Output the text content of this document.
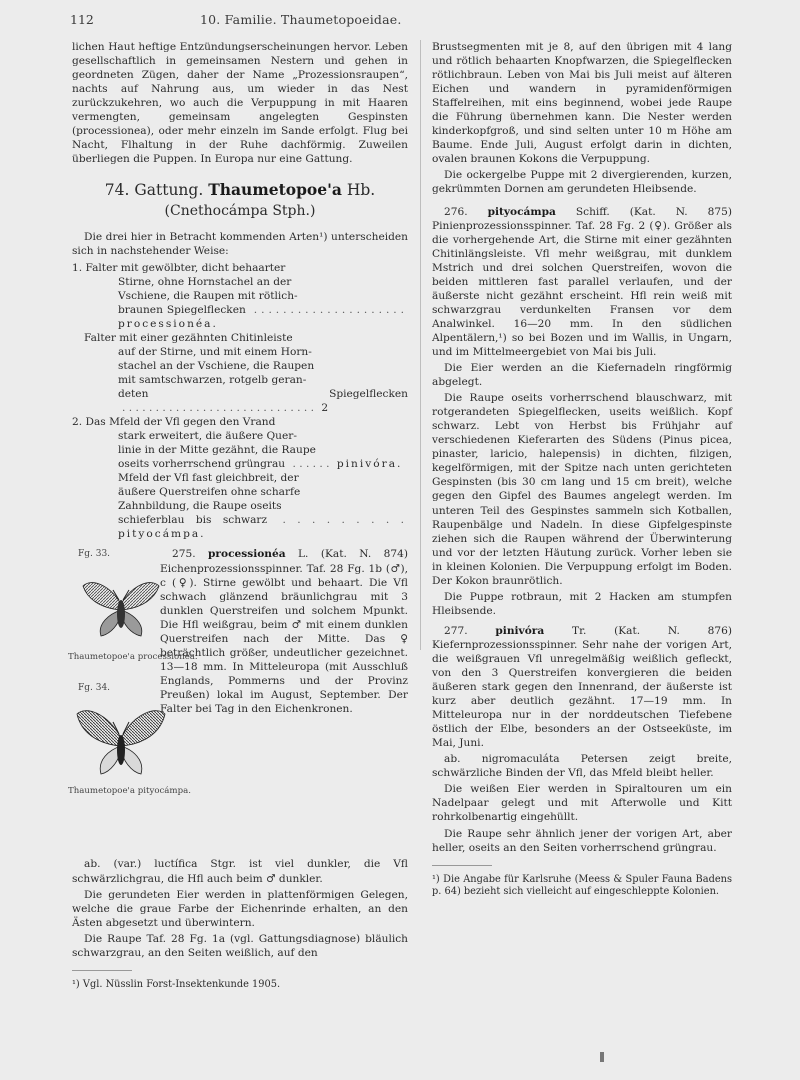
112	10. Familie. Thaumetopoeidae.

lichen Haut heftige Entzündungserscheinungen hervor. Leben gesellschaftlich in gemeinsamen Nestern und gehen in geordneten Zügen, daher der Name „Prozessionsraupen“, nachts auf Nahrung aus, um wieder in das Nest zurückzukehren, wo auch die Verpuppung in mit Haaren vermengten, gemeinsam angelegten Gespinsten (processionea), oder mehr einzeln im Sande erfolgt. Flug bei Nacht, Flhaltung in der Ruhe dachförmig. Zuweilen überliegen die Puppen. In Europa nur eine Gattung.

74. Gattung. Thaumetopoe'a Hb.
(Cnethocámpa Stph.)

Die drei hier in Betracht kommenden Arten¹) unterscheiden sich in nachstehender Weise:

1. Falter mit gewölbter, dicht behaarter
Stirne, ohne Hornstachel an der
Vschiene, die Raupen mit rötlich-
braunen Spiegelflecken . . . . . . . . . . . . . . . . . . . . . processionéa.
Falter mit einer gezähnten Chitinleiste
auf der Stirne, und mit einem Horn-
stachel an der Vschiene, die Raupen
mit samtschwarzen, rotgelb geran-
deten Spiegelflecken . . . . . . . . . . . . . . . . . . . . . . . . . . . . . 2
2. Das Mfeld der Vfl gegen den Vrand
stark erweitert, die äußere Quer-
linie in der Mitte gezähnt, die Raupe
oseits vorherrschend grüngrau . . . . . . pinivóra.
Mfeld der Vfl fast gleichbreit, der
äußere Querstreifen ohne scharfe
Zahnbildung, die Raupe oseits
schieferblau bis schwarz . . . . . . . . . pityocámpa.
Fg. 33.
Thaumetopoe'a processionéa.
Fg. 34.
Thaumetopoe'a pityocámpa.

275. processionéa L. (Kat. N. 874) Eichenprozessionsspinner. Taf. 28 Fg. 1b (♂), c (♀). Stirne gewölbt und behaart. Die Vfl schwach glänzend bräunlichgrau mit 3 dunklen Querstreifen und solchem Mpunkt. Die Hfl weißgrau, beim ♂ mit einem dunklen Querstreifen nach der Mitte. Das ♀ beträchtlich größer, undeutlicher gezeichnet. 13—18 mm. In Mitteleuropa (mit Ausschluß Englands, Pommerns und der Provinz Preußen) lokal im August, September. Der Falter bei Tag in den Eichenkronen.

ab. (var.) luctífica Stgr. ist viel dunkler, die Vfl schwärzlichgrau, die Hfl auch beim ♂ dunkler.

Die gerundeten Eier werden in plattenförmigen Gelegen, welche die graue Farbe der Eichenrinde erhalten, an den Ästen abgesetzt und überwintern.

Die Raupe Taf. 28 Fg. 1a (vgl. Gattungsdiagnose) bläulich schwarzgrau, an den Seiten weißlich, auf den

¹) Vgl. Nüsslin Forst-Insektenkunde 1905.

Brustsegmenten mit je 8, auf den übrigen mit 4 lang und rötlich behaarten Knopfwarzen, die Spiegelflecken rötlichbraun. Leben von Mai bis Juli meist auf älteren Eichen und wandern in pyramidenförmigen Staffelreihen, mit eins beginnend, wobei jede Raupe die Führung übernehmen kann. Die Nester werden kinderkopfgroß, und sind selten unter 10 m Höhe am Baume. Ende Juli, August erfolgt darin in dichten, ovalen braunen Kokons die Verpuppung.

Die ockergelbe Puppe mit 2 divergierenden, kurzen, gekrümmten Dornen am gerundeten Hleibsende.

276. pityocámpa Schiff. (Kat. N. 875) Pinienprozessionsspinner. Taf. 28 Fg. 2 (♀). Größer als die vorhergehende Art, die Stirne mit einer gezähnten Chitinlängsleiste. Vfl mehr weißgrau, mit dunklem Mstrich und drei solchen Querstreifen, wovon die beiden mittleren fast parallel verlaufen, und der äußerste nicht gezähnt erscheint. Hfl rein weiß mit schwarzgrau verdunkelten Fransen vor dem Analwinkel. 16—20 mm. In den südlichen Alpentälern,¹) so bei Bozen und im Wallis, in Ungarn, und im Mittelmeergebiet von Mai bis Juli.

Die Eier werden an die Kiefernadeln ringförmig abgelegt.

Die Raupe oseits vorherrschend blauschwarz, mit rotgerandeten Spiegelflecken, useits weißlich. Kopf schwarz. Lebt von Herbst bis Frühjahr auf verschiedenen Kieferarten des Südens (Pinus picea, pinaster, laricio, halepensis) in dichten, filzigen, kegelförmigen, mit der Spitze nach unten gerichteten Gespinsten (bis 30 cm lang und 15 cm breit), welche gegen den Gipfel des Baumes angelegt werden. Im unteren Teil des Gespinstes sammeln sich Kotballen, Raupenbälge und Nadeln. In diese Gipfelgespinste ziehen sich die Raupen während der Überwinterung und vor der letzten Häutung zurück. Vorher leben sie in kleinen Kolonien. Die Verpuppung erfolgt im Boden. Der Kokon braunrötlich.

Die Puppe rotbraun, mit 2 Hacken am stumpfen Hleibsende.

277.	pinivóra	Tr. (Kat. N. 876) Kiefernprozessionsspinner. Sehr nahe der vorigen Art, die weißgrauen Vfl unregelmäßig weißlich gefleckt, von den 3 Querstreifen konvergieren die beiden äußeren stark gegen den Innenrand, der äußerste ist kurz aber deutlich gezähnt. 17—19 mm. In Mitteleuropa nur in der norddeutschen Tiefebene östlich der Elbe, besonders an der Ostseeküste, im Mai, Juni.

ab. nigromaculáta Petersen zeigt breite, schwärzliche Binden der Vfl, das Mfeld bleibt heller.

Die weißen Eier werden in Spiraltouren um ein Nadelpaar gelegt und mit Afterwolle und Kitt rohrkolbenartig eingehüllt.

Die Raupe sehr ähnlich jener der vorigen Art, aber heller, oseits an den Seiten vorherrschend grüngrau.

¹) Die Angabe für Karlsruhe (Meess & Spuler Fauna Badens p. 64) bezieht sich vielleicht auf eingeschleppte Kolonien.
